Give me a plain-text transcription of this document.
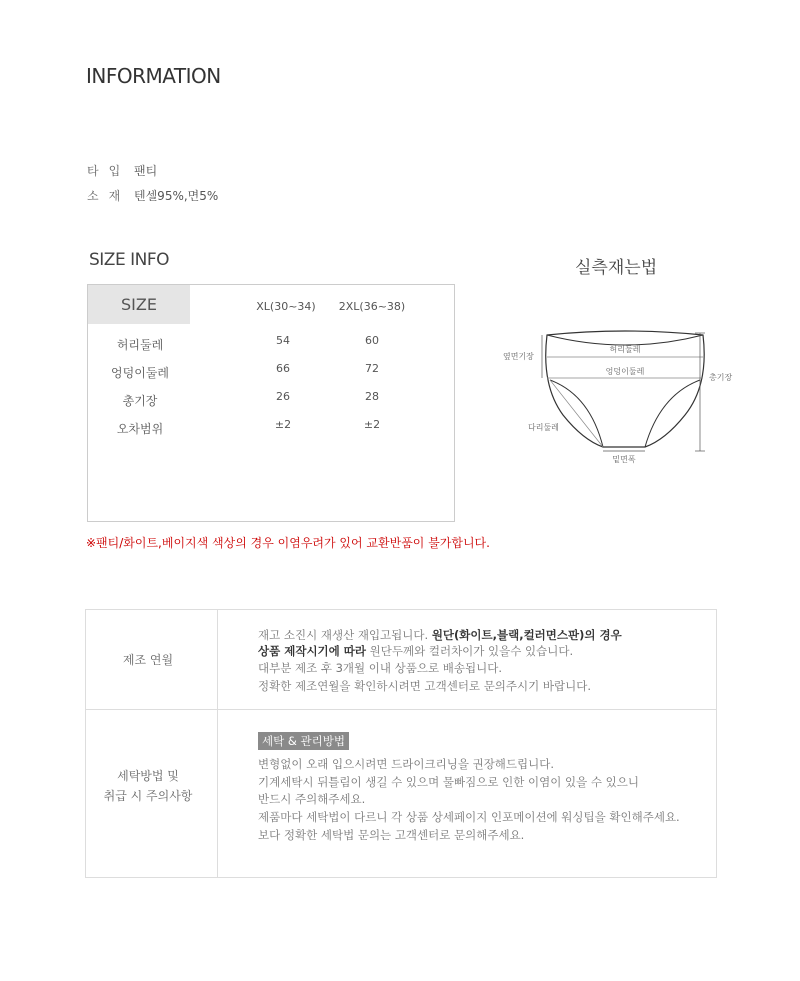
INFORMATION
타입 팬티
소재 텐셀95%,면5%
SIZE INFO
SIZE	XL(30~34)	2XL(36~38)
허리둘레	54	60
엉덩이둘레	66	72
총기장	26	28
오차범위	±2	±2
실측재는법
허리둘레
옆면기장
엉덩이둘레
총기장
다리둘레
밑면폭
※팬티/화이트,베이지색 색상의 경우 이염우려가 있어 교환반품이 불가합니다.
제조 연월
재고 소진시 재생산 재입고됩니다. 원단(화이트,블랙,컬러면스판)의 경우
상품 제작시기에 따라 원단두께와 컬러차이가 있을수 있습니다.
대부분 제조 후 3개월 이내 상품으로 배송됩니다.
정확한 제조연월을 확인하시려면 고객센터로 문의주시기 바랍니다.
세탁방법 및
취급 시 주의사항
세탁 & 관리방법
변형없이 오래 입으시려면 드라이크리닝을 권장해드립니다.
기계세탁시 뒤틀림이 생길 수 있으며 물빠짐으로 인한 이염이 있을 수 있으니
반드시 주의해주세요.
제품마다 세탁법이 다르니 각 상품 상세페이지 인포메이션에 워싱팁을 확인해주세요.
보다 정확한 세탁법 문의는 고객센터로 문의해주세요.
